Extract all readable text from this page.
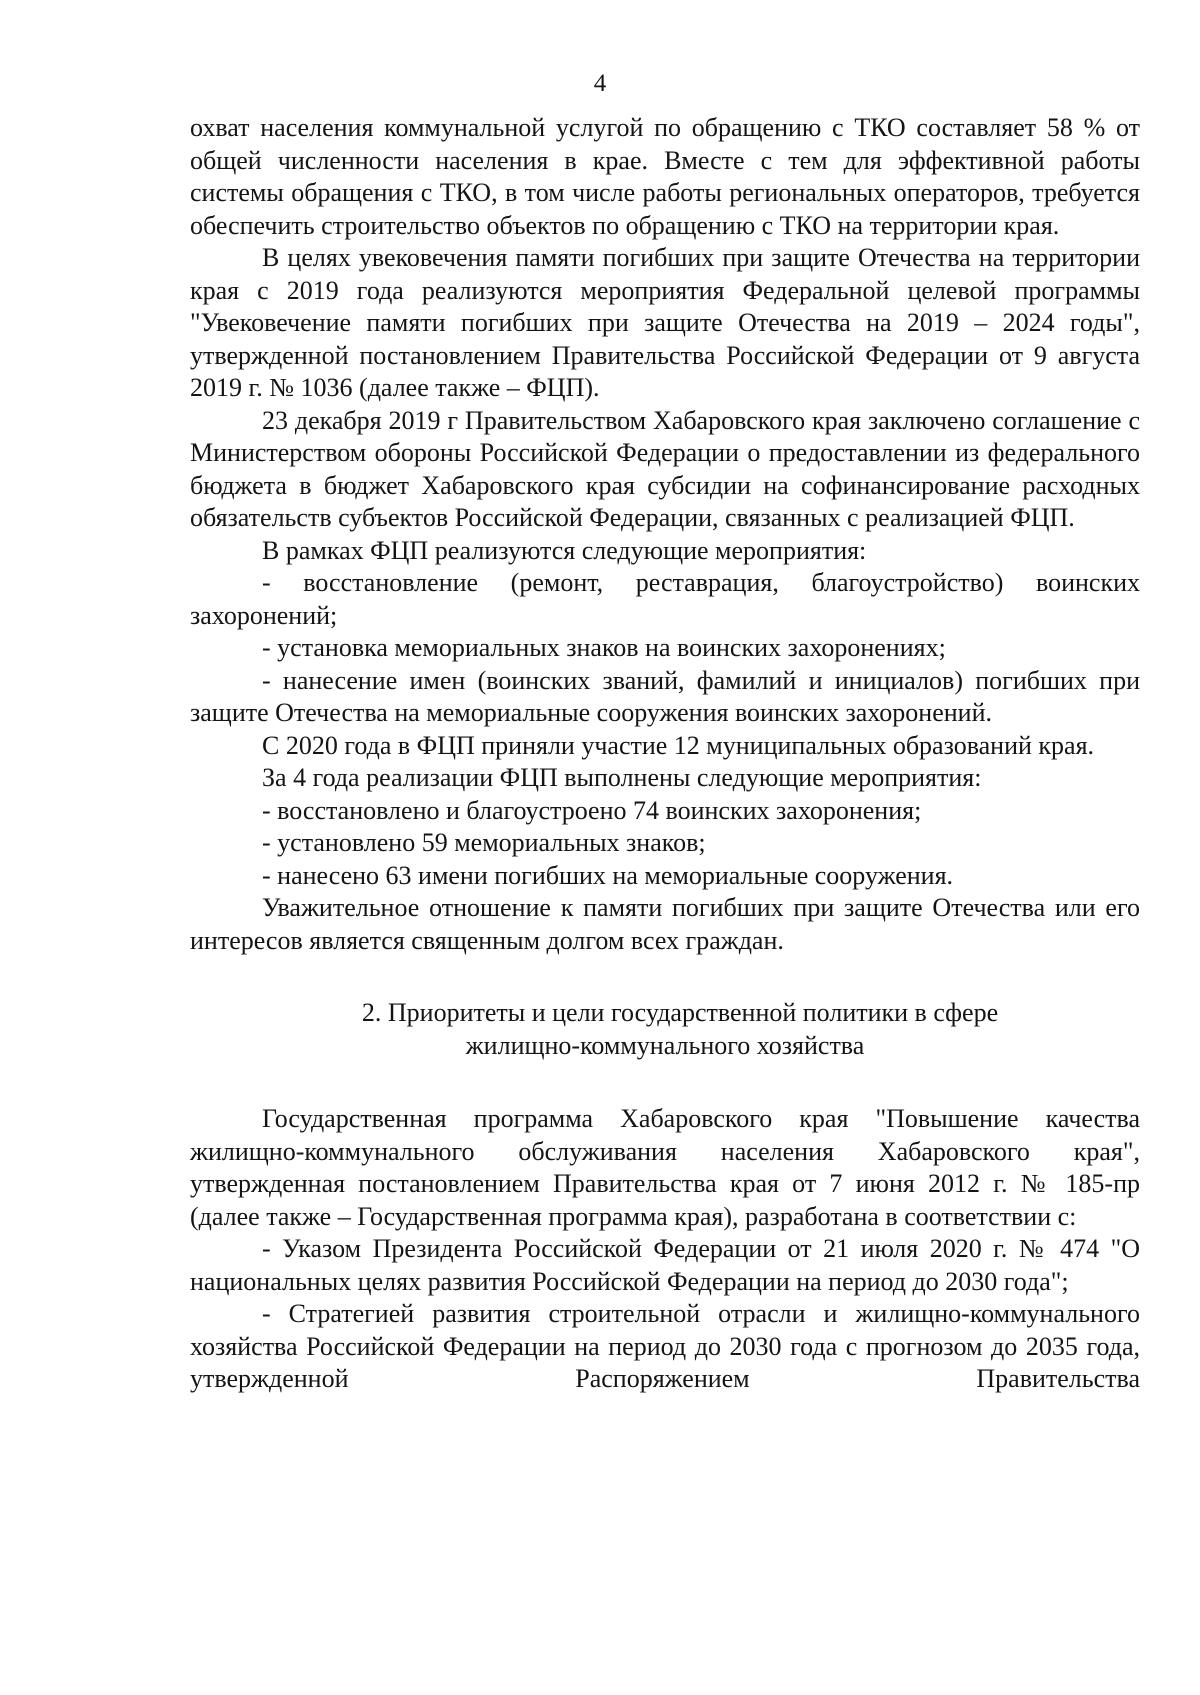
4

охват населения коммунальной услугой по обращению с ТКО составляет 58 % от общей численности населения в крае. Вместе с тем для эффективной работы системы обращения с ТКО, в том числе работы региональных операторов, требуется обеспечить строительство объектов по обращению с ТКО на территории края.

В целях увековечения памяти погибших при защите Отечества на территории края с 2019 года реализуются мероприятия Федеральной целевой программы "Увековечение памяти погибших при защите Отечества на 2019 – 2024 годы", утвержденной постановлением Правительства Российской Федерации от 9 августа 2019 г. № 1036 (далее также – ФЦП).

23 декабря 2019 г Правительством Хабаровского края заключено соглашение с Министерством обороны Российской Федерации о предоставлении из федерального бюджета в бюджет Хабаровского края субсидии на софинансирование расходных обязательств субъектов Российской Федерации, связанных с реализацией ФЦП.

В рамках ФЦП реализуются следующие мероприятия:

- восстановление (ремонт, реставрация, благоустройство) воинских захоронений;

- установка мемориальных знаков на воинских захоронениях;

- нанесение имен (воинских званий, фамилий и инициалов) погибших при защите Отечества на мемориальные сооружения воинских захоронений.

С 2020 года в ФЦП приняли участие 12 муниципальных образований края.

За 4 года реализации ФЦП выполнены следующие мероприятия:

- восстановлено и благоустроено 74 воинских захоронения;

- установлено 59 мемориальных знаков;

- нанесено 63 имени погибших на мемориальные сооружения.

Уважительное отношение к памяти погибших при защите Отечества или его интересов является священным долгом всех граждан.

2. Приоритеты и цели государственной политики в сфере
жилищно-коммунального хозяйства

Государственная программа Хабаровского края "Повышение качества жилищно-коммунального обслуживания населения Хабаровского края", утвержденная постановлением Правительства края от 7 июня 2012 г. № 185-пр (далее также – Государственная программа края), разработана в соответствии с:

- Указом Президента Российской Федерации от 21 июля 2020 г. № 474 "О национальных целях развития Российской Федерации на период до 2030 года";

- Стратегией развития строительной отрасли и жилищно-коммунального хозяйства Российской Федерации на период до 2030 года с прогнозом до 2035 года, утвержденной Распоряжением Правительства
